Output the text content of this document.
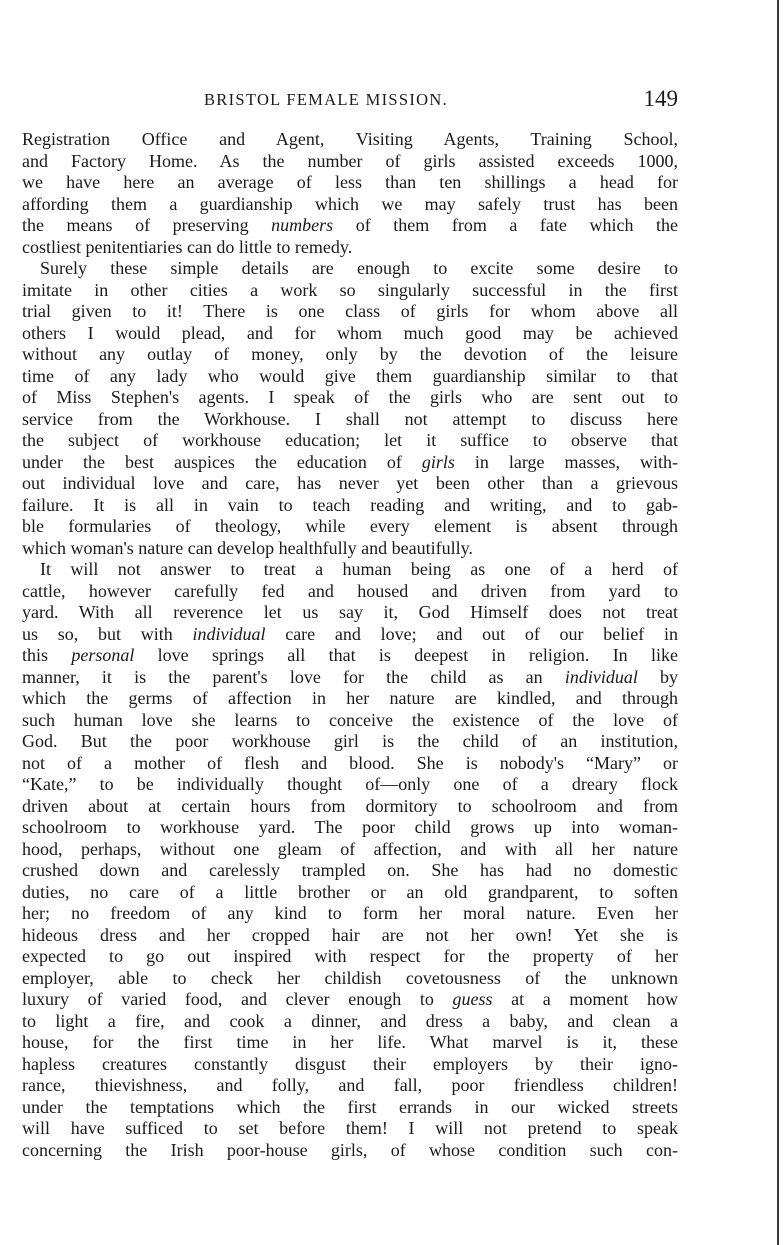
BRISTOL FEMALE MISSION.	149
Registration Office and Agent, Visiting Agents, Training School,
and Factory Home. As the number of girls assisted exceeds 1000,
we have here an average of less than ten shillings a head for
affording them a guardianship which we may safely trust has been
the means of preserving numbers of them from a fate which the
costliest penitentiaries can do little to remedy.
Surely these simple details are enough to excite some desire to
imitate in other cities a work so singularly successful in the first
trial given to it! There is one class of girls for whom above all
others I would plead, and for whom much good may be achieved
without any outlay of money, only by the devotion of the leisure
time of any lady who would give them guardianship similar to that
of Miss Stephen's agents. I speak of the girls who are sent out to
service from the Workhouse. I shall not attempt to discuss here
the subject of workhouse education; let it suffice to observe that
under the best auspices the education of girls in large masses, with-
out individual love and care, has never yet been other than a grievous
failure. It is all in vain to teach reading and writing, and to gab-
ble formularies of theology, while every element is absent through
which woman's nature can develop healthfully and beautifully.
It will not answer to treat a human being as one of a herd of
cattle, however carefully fed and housed and driven from yard to
yard. With all reverence let us say it, God Himself does not treat
us so, but with individual care and love; and out of our belief in
this personal love springs all that is deepest in religion. In like
manner, it is the parent's love for the child as an individual by
which the germs of affection in her nature are kindled, and through
such human love she learns to conceive the existence of the love of
God. But the poor workhouse girl is the child of an institution,
not of a mother of flesh and blood. She is nobody's “Mary” or
“Kate,” to be individually thought of—only one of a dreary flock
driven about at certain hours from dormitory to schoolroom and from
schoolroom to workhouse yard. The poor child grows up into woman-
hood, perhaps, without one gleam of affection, and with all her nature
crushed down and carelessly trampled on. She has had no domestic
duties, no care of a little brother or an old grandparent, to soften
her; no freedom of any kind to form her moral nature. Even her
hideous dress and her cropped hair are not her own! Yet she is
expected to go out inspired with respect for the property of her
employer, able to check her childish covetousness of the unknown
luxury of varied food, and clever enough to guess at a moment how
to light a fire, and cook a dinner, and dress a baby, and clean a
house, for the first time in her life. What marvel is it, these
hapless creatures constantly disgust their employers by their igno-
rance, thievishness, and folly, and fall, poor friendless children!
under the temptations which the first errands in our wicked streets
will have sufficed to set before them! I will not pretend to speak
concerning the Irish poor-house girls, of whose condition such con-
